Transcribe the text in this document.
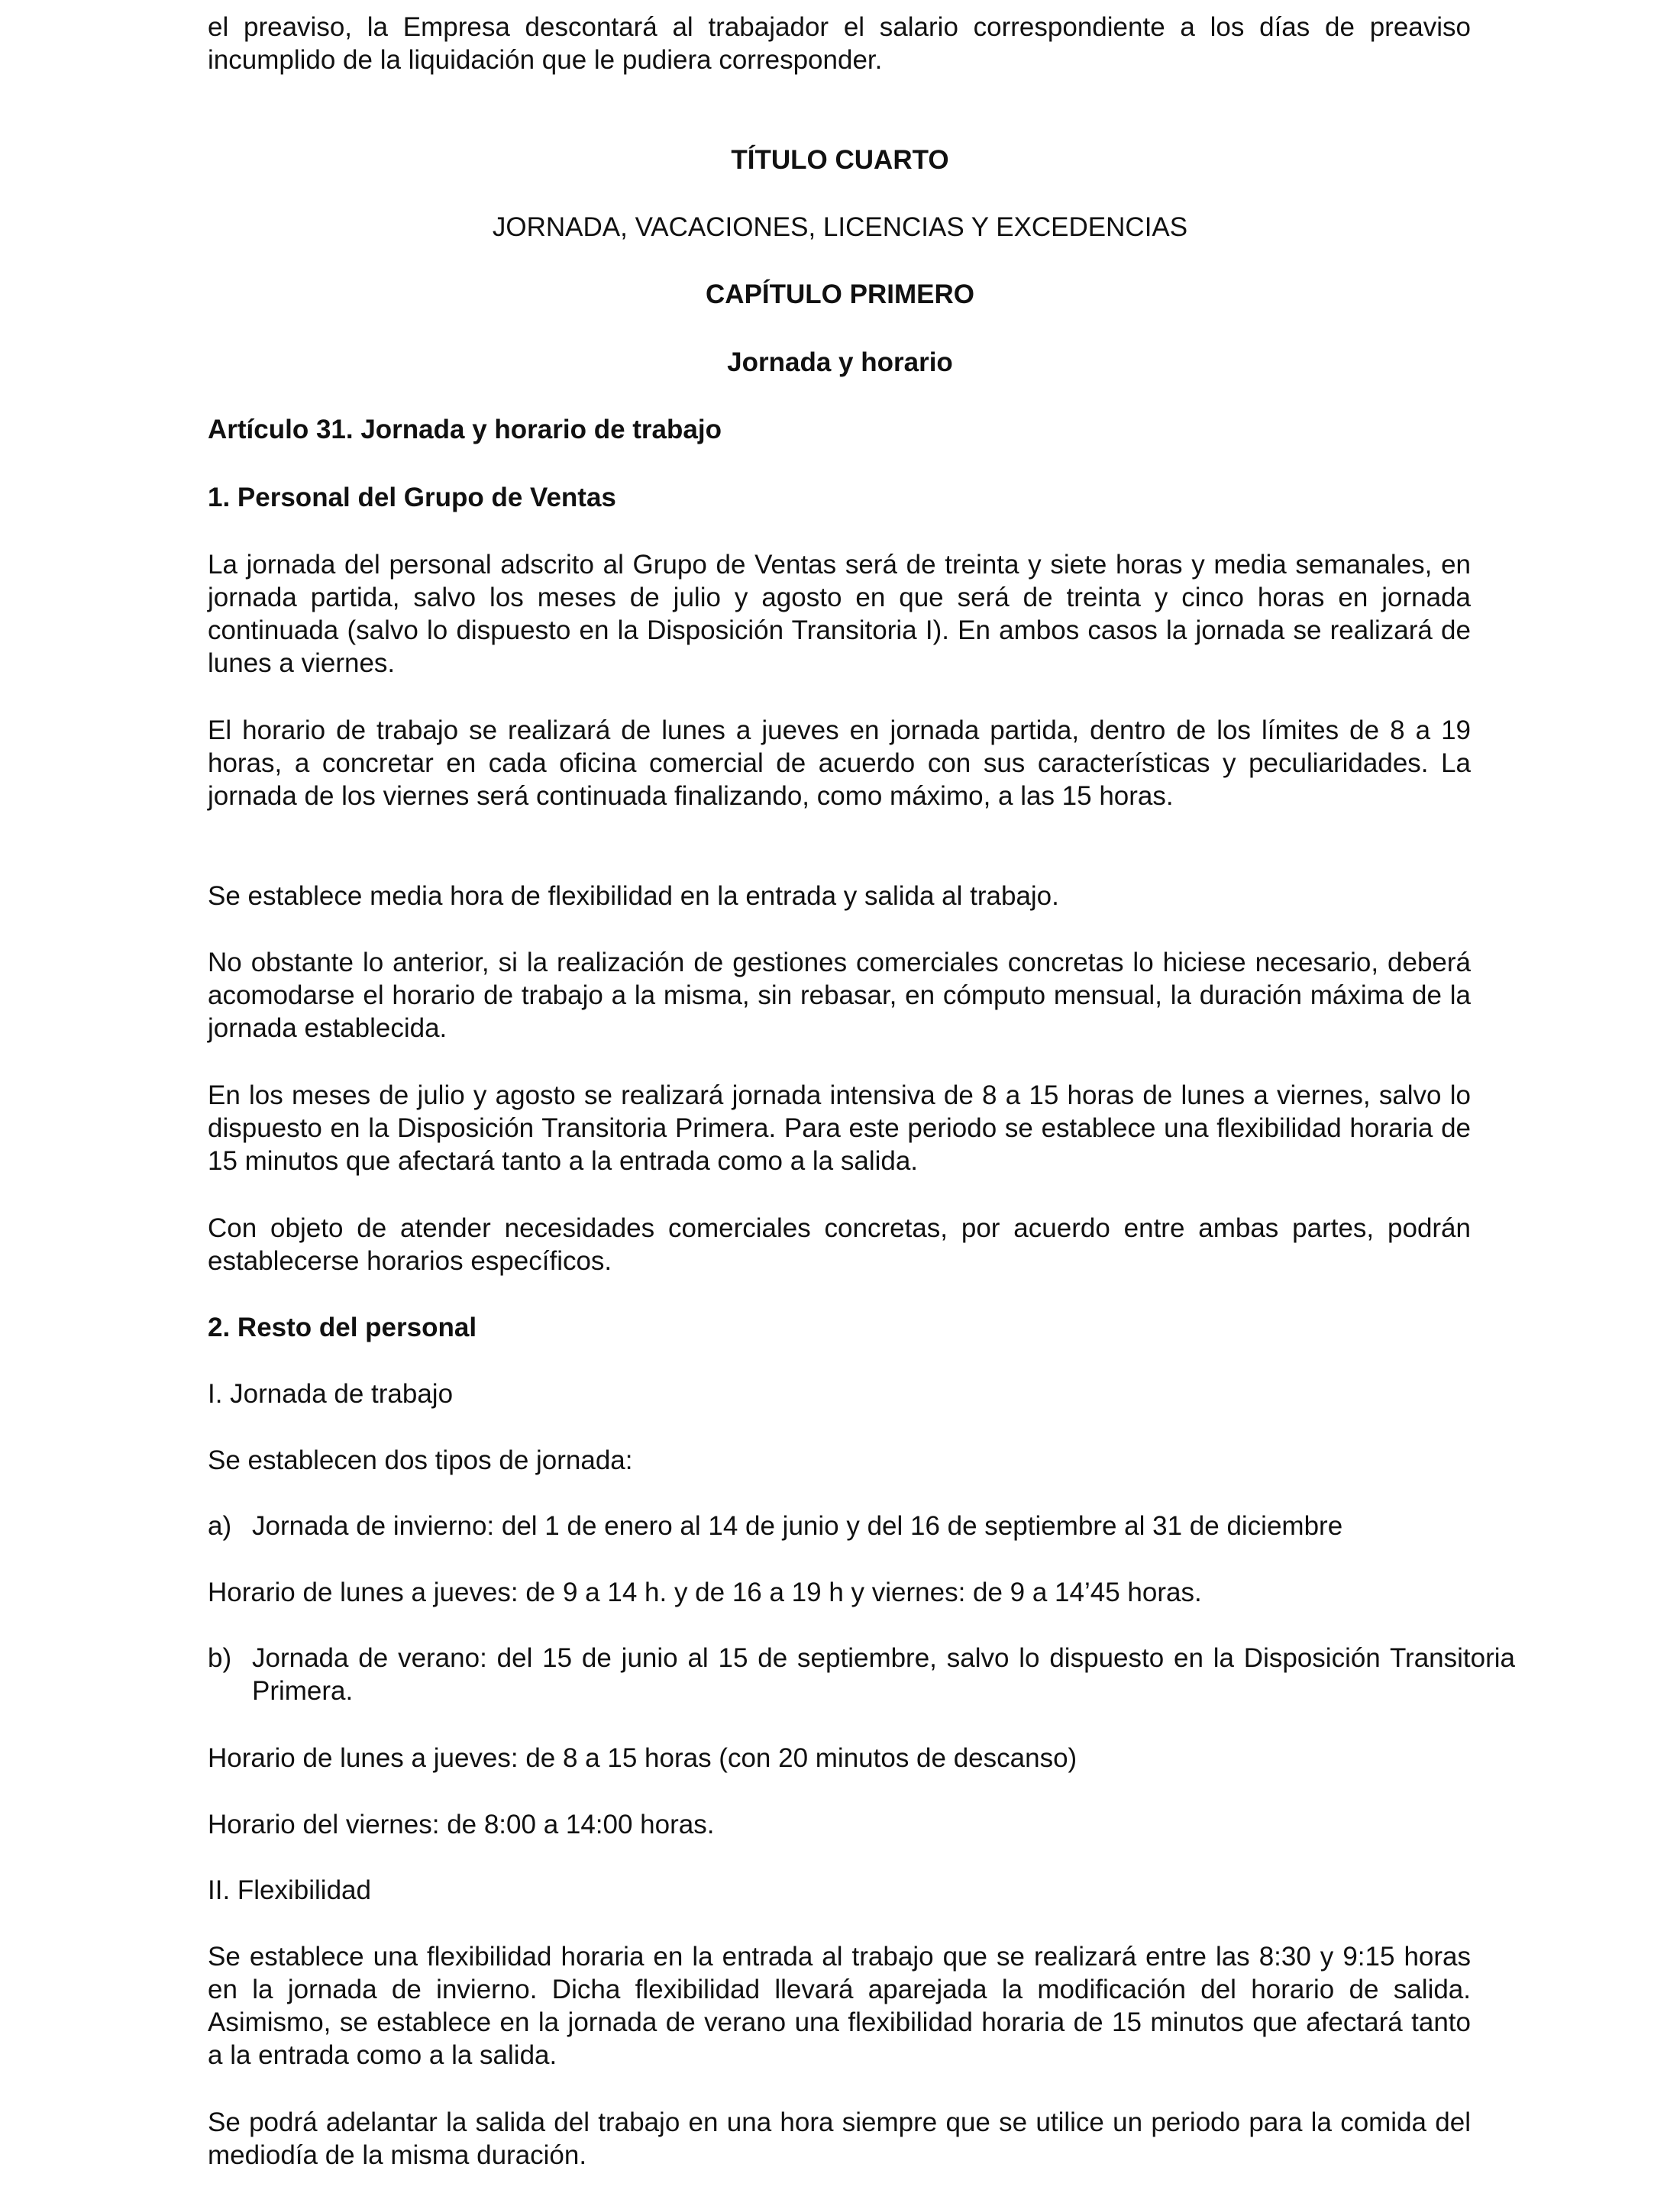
el preaviso, la Empresa descontará al trabajador el salario correspondiente a los días de preaviso incumplido de la liquidación que le pudiera corresponder.

TÍTULO CUARTO

JORNADA, VACACIONES, LICENCIAS Y EXCEDENCIAS

CAPÍTULO PRIMERO

Jornada y horario

Artículo 31. Jornada y horario de trabajo

1. Personal del Grupo de Ventas

La jornada del personal adscrito al Grupo de Ventas será de treinta y siete horas y media semanales, en jornada partida, salvo los meses de julio y agosto en que será de treinta y cinco horas en jornada continuada (salvo lo dispuesto en la Disposición Transitoria I). En ambos casos la jornada se realizará de lunes a viernes.

El horario de trabajo se realizará de lunes a jueves en jornada partida, dentro de los límites de 8 a 19 horas, a concretar en cada oficina comercial de acuerdo con sus características y peculiaridades. La jornada de los viernes será continuada finalizando, como máximo, a las 15 horas.

Se establece media hora de flexibilidad en la entrada y salida al trabajo.

No obstante lo anterior, si la realización de gestiones comerciales concretas lo hiciese necesario, deberá acomodarse el horario de trabajo a la misma, sin rebasar, en cómputo mensual, la duración máxima de la jornada establecida.

En los meses de julio y agosto se realizará jornada intensiva de 8 a 15 horas de lunes a viernes, salvo lo dispuesto en la Disposición Transitoria Primera. Para este periodo se establece una flexibilidad horaria de 15 minutos que afectará tanto a la entrada como a la salida.

Con objeto de atender necesidades comerciales concretas, por acuerdo entre ambas partes, podrán establecerse horarios específicos.

2. Resto del personal

I. Jornada de trabajo

Se establecen dos tipos de jornada:

a) Jornada de invierno: del 1 de enero al 14 de junio y del 16 de septiembre al 31 de diciembre

Horario de lunes a jueves: de 9 a 14 h. y de 16 a 19 h y viernes: de 9 a 14’45 horas.

b) Jornada de verano: del 15 de junio al 15 de septiembre, salvo lo dispuesto en la Disposición Transitoria Primera.

Horario de lunes a jueves: de 8 a 15 horas (con 20 minutos de descanso)

Horario del viernes: de 8:00 a 14:00 horas.

II. Flexibilidad

Se establece una flexibilidad horaria en la entrada al trabajo que se realizará entre las 8:30 y 9:15 horas en la jornada de invierno. Dicha flexibilidad llevará aparejada la modificación del horario de salida. Asimismo, se establece en la jornada de verano una flexibilidad horaria de 15 minutos que afectará tanto a la entrada como a la salida.

Se podrá adelantar la salida del trabajo en una hora siempre que se utilice un periodo para la comida del mediodía de la misma duración.
